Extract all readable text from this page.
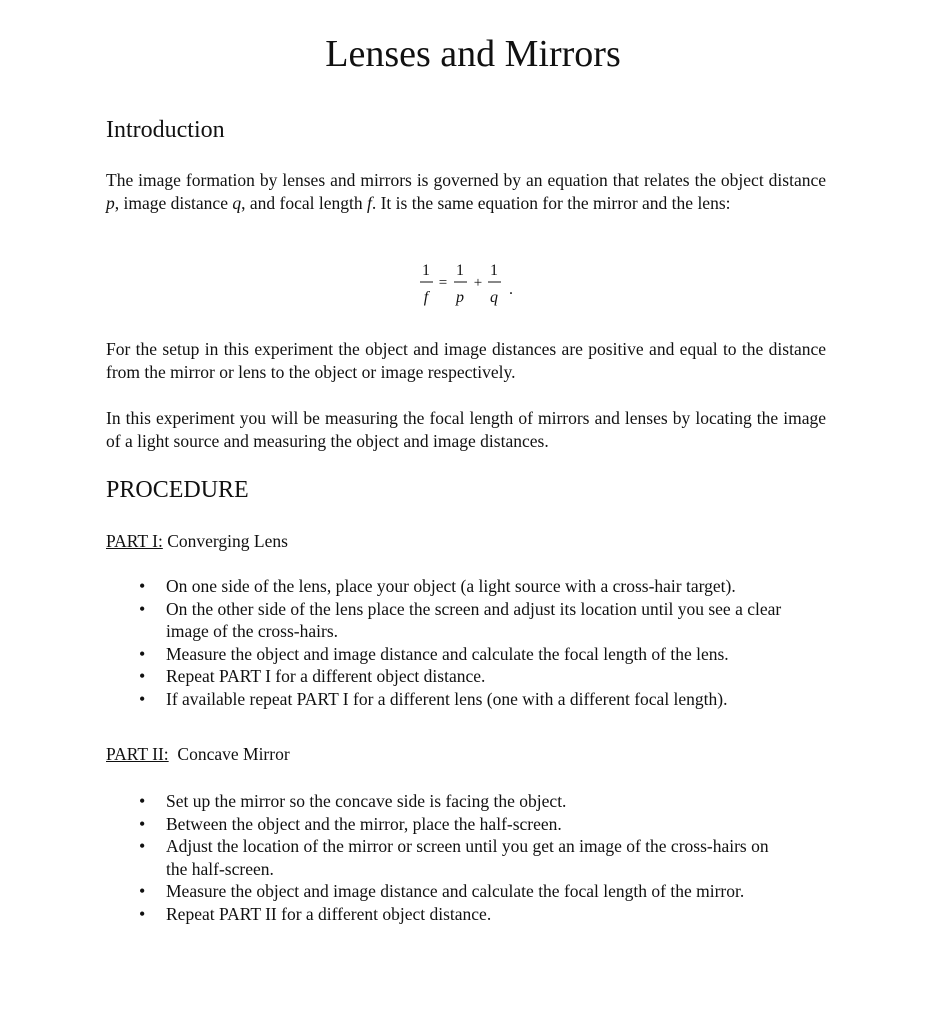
Lenses and Mirrors
Introduction

The image formation by lenses and mirrors is governed by an equation that relates the object distance p, image distance q, and focal length f. It is the same equation for the mirror and the lens:

1
f
=
1
p
+
1
q .

For the setup in this experiment the object and image distances are positive and equal to the distance from the mirror or lens to the object or image respectively.

In this experiment you will be measuring the focal length of mirrors and lenses by locating the image of a light source and measuring the object and image distances.

PROCEDURE
PART I: Converging Lens
• On one side of the lens, place your object (a light source with a cross-hair target).
• On the other side of the lens place the screen and adjust its location until you see a clear image of the cross-hairs.
• Measure the object and image distance and calculate the focal length of the lens.
• Repeat PART I for a different object distance.
• If available repeat PART I for a different lens (one with a different focal length).
PART II:  Concave Mirror
• Set up the mirror so the concave side is facing the object.
• Between the object and the mirror, place the half-screen.
• Adjust the location of the mirror or screen until you get an image of the cross-hairs on the half-screen.
• Measure the object and image distance and calculate the focal length of the mirror.
• Repeat PART II for a different object distance.
